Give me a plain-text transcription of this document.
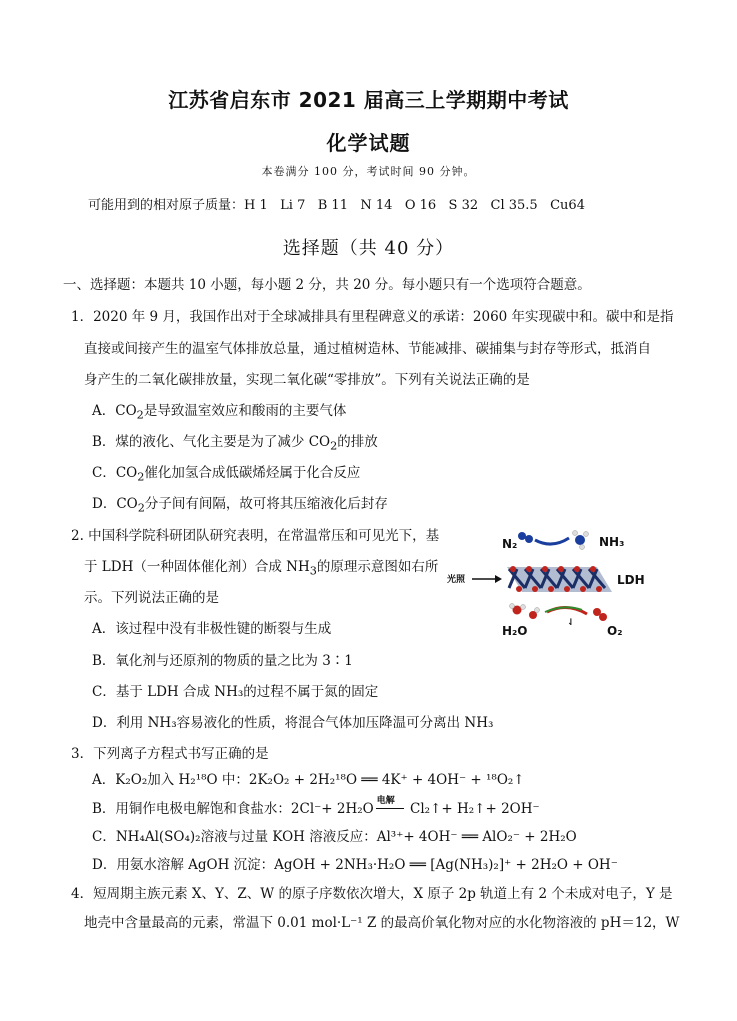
江苏省启东市 2021 届高三上学期期中考试
化学试题
本卷满分 100 分，考试时间 90 分钟。
可能用到的相对原子质量：H 1   Li 7   B 11   N 14   O 16   S 32   Cl 35.5   Cu64
选择题（共 40 分）
一、选择题：本题共 10 小题，每小题 2 分，共 20 分。每小题只有一个选项符合题意。
1．2020 年 9 月，我国作出对于全球减排具有里程碑意义的承诺：2060 年实现碳中和。碳中和是指
直接或间接产生的温室气体排放总量，通过植树造林、节能减排、碳捕集与封存等形式，抵消自
身产生的二氧化碳排放量，实现二氧化碳“零排放”。下列有关说法正确的是
A．$CO_2$是导致温室效应和酸雨的主要气体
B．煤的液化、气化主要是为了减少 $CO_2$的排放
C．$CO_2$催化加氢合成低碳烯烃属于化合反应
D．$CO_2$分子间有间隔，故可将其压缩液化后封存
2. 中国科学院科研团队研究表明，在常温常压和可见光下，基
于 LDH（一种固体催化剂）合成 $NH_3$的原理示意图如右所
示。下列说法正确的是
A．该过程中没有非极性键的断裂与生成
B．氧化剂与还原剂的物质的量之比为 3∶1
C．基于 LDH 合成 NH₃的过程不属于氮的固定
D．利用 NH₃容易液化的性质，将混合气体加压降温可分离出 NH₃
N₂	NH₃
光照	LDH
⇃
H₂O	O₂
3．下列离子方程式书写正确的是
A．K₂O₂加入 H₂¹⁸O 中：2K₂O₂ + 2H₂¹⁸O ══ 4K⁺ + 4OH⁻ + ¹⁸O₂↑
B．用铜作电极电解饱和食盐水：2Cl⁻+ 2H₂O 电解 Cl₂↑+ H₂↑+ 2OH⁻
C．NH₄Al(SO₄)₂溶液与过量 KOH 溶液反应：Al³⁺+ 4OH⁻ ══ AlO₂⁻ + 2H₂O
D．用氨水溶解 AgOH 沉淀：AgOH + 2NH₃·H₂O ══ [Ag(NH₃)₂]⁺ + 2H₂O + OH⁻
4．短周期主族元素 X、Y、Z、W 的原子序数依次增大，X 原子 2p 轨道上有 2 个未成对电子，Y 是
地壳中含量最高的元素，常温下 0.01 mol·L⁻¹ Z 的最高价氧化物对应的水化物溶液的 pH＝12，W
